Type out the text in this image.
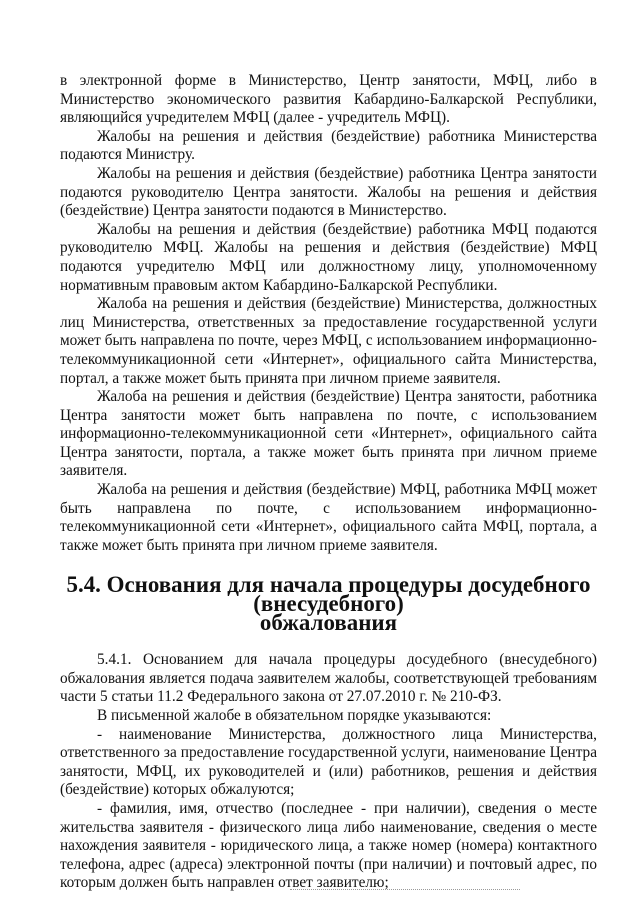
в электронной форме в Министерство, Центр занятости, МФЦ, либо в Министерство экономического развития Кабардино-Балкарской Республики, являющийся учредителем МФЦ (далее - учредитель МФЦ).

Жалобы на решения и действия (бездействие) работника Министерства подаются Министру.

Жалобы на решения и действия (бездействие) работника Центра занятости подаются руководителю Центра занятости. Жалобы на решения и действия (бездействие) Центра занятости подаются в Министерство.

Жалобы на решения и действия (бездействие) работника МФЦ подаются руководителю МФЦ. Жалобы на решения и действия (бездействие) МФЦ подаются учредителю МФЦ или должностному лицу, уполномоченному нормативным правовым актом Кабардино-Балкарской Республики.

Жалоба на решения и действия (бездействие) Министерства, должностных лиц Министерства, ответственных за предоставление государственной услуги может быть направлена по почте, через МФЦ, с использованием информационно-телекоммуникационной сети «Интернет», официального сайта Министерства, портал, а также может быть принята при личном приеме заявителя.

Жалоба на решения и действия (бездействие) Центра занятости, работника Центра занятости может быть направлена по почте, с использованием информационно-телекоммуникационной сети «Интернет», официального сайта Центра занятости, портала, а также может быть принята при личном приеме заявителя.

Жалоба на решения и действия (бездействие) МФЦ, работника МФЦ может быть направлена по почте, с использованием информационно-телекоммуникационной сети «Интернет», официального сайта МФЦ, портала, а также может быть принята при личном приеме заявителя.

5.4. Основания для начала процедуры досудебного (внесудебного)
обжалования

5.4.1. Основанием для начала процедуры досудебного (внесудебного) обжалования является подача заявителем жалобы, соответствующей требованиям части 5 статьи 11.2 Федерального закона от 27.07.2010 г. № 210-ФЗ.

В письменной жалобе в обязательном порядке указываются:

- наименование Министерства, должностного лица Министерства, ответственного за предоставление государственной услуги, наименование Центра занятости, МФЦ, их руководителей и (или) работников, решения и действия (бездействие) которых обжалуются;

- фамилия, имя, отчество (последнее - при наличии), сведения о месте жительства заявителя - физического лица либо наименование, сведения о месте нахождения заявителя - юридического лица, а также номер (номера) контактного телефона, адрес (адреса) электронной почты (при наличии) и почтовый адрес, по которым должен быть направлен ответ заявителю;
